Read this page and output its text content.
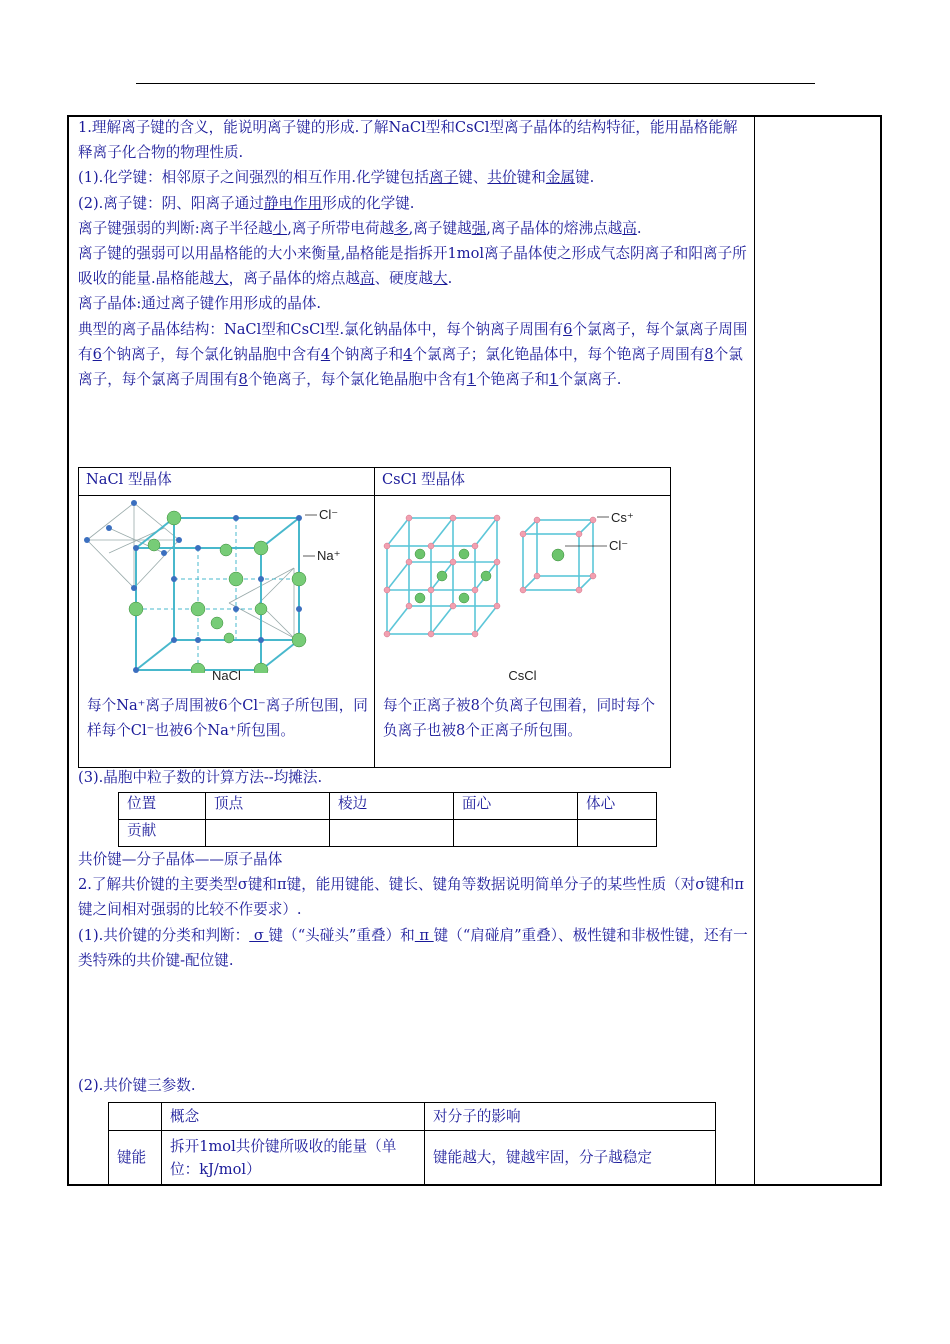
1.理解离子键的含义，能说明离子键的形成.了解NaCl型和CsCl型离子晶体的结构特征，能用晶格能解释离子化合物的物理性质.

(1).化学键：相邻原子之间强烈的相互作用.化学键包括离子键、共价键和金属键.

(2).离子键：阴、阳离子通过静电作用形成的化学键.

离子键强弱的判断:离子半径越小,离子所带电荷越多,离子键越强,离子晶体的熔沸点越高.

离子键的强弱可以用晶格能的大小来衡量,晶格能是指拆开1mol离子晶体使之形成气态阴离子和阳离子所吸收的能量.晶格能越大，离子晶体的熔点越高、硬度越大.

离子晶体:通过离子键作用形成的晶体.

典型的离子晶体结构：NaCl型和CsCl型.氯化钠晶体中，每个钠离子周围有6个氯离子，每个氯离子周围有6个钠离子，每个氯化钠晶胞中含有4个钠离子和4个氯离子；氯化铯晶体中，每个铯离子周围有8个氯离子，每个氯离子周围有8个铯离子，每个氯化铯晶胞中含有1个铯离子和1个氯离子.

NaCl 型晶体
Cl⁻
Na⁺
NaCl
每个Na⁺离子周围被6个Cl⁻离子所包围，同样每个Cl⁻也被6个Na⁺所包围。
CsCl 型晶体
Cs⁺
Cl⁻
CsCl
每个正离子被8个负离子包围着，同时每个负离子也被8个正离子所包围。
(3).晶胞中粒子数的计算方法--均摊法.
位置	顶点	棱边	面心	体心
贡献				

共价键—分子晶体——原子晶体

2.了解共价键的主要类型σ键和π键，能用键能、键长、键角等数据说明简单分子的某些性质（对σ键和π键之间相对强弱的比较不作要求）.

(1).共价键的分类和判断： σ 键（“头碰头”重叠）和 π 键（“肩碰肩”重叠）、极性键和非极性键，还有一类特殊的共价键-配位键.

(2).共价键三参数.
	概念	对分子的影响
键能	拆开1mol共价键所吸收的能量（单位：kJ/mol）	键能越大，键越牢固，分子越稳定
